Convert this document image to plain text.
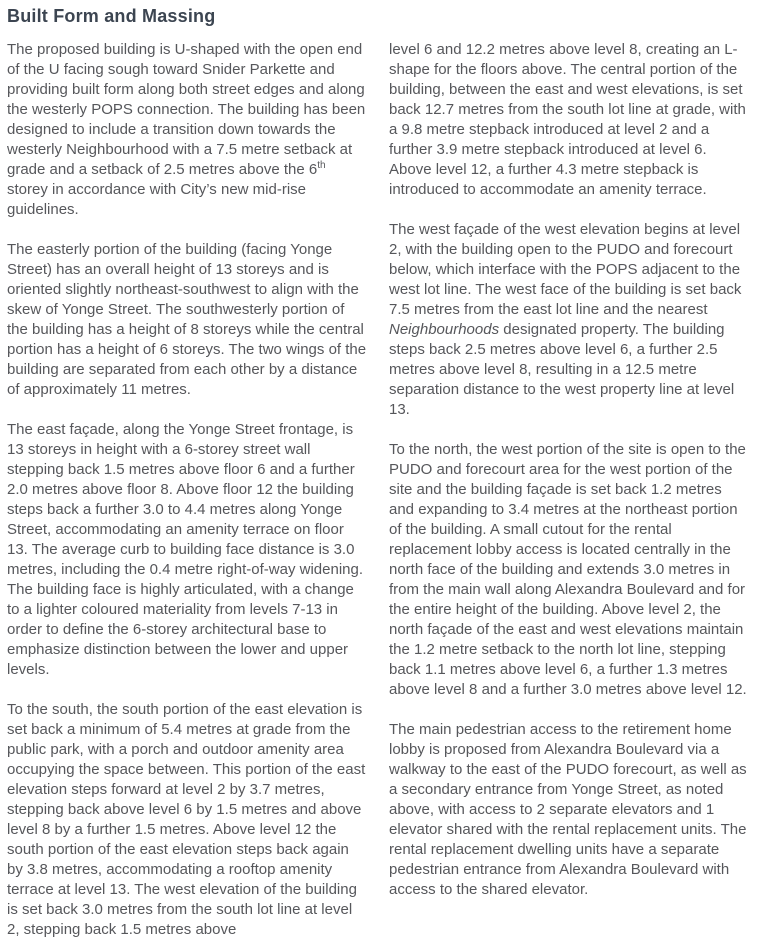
Built Form and Massing

The proposed building is U-shaped with the open end of the U facing sough toward Snider Parkette and providing built form along both street edges and along the westerly POPS connection. The building has been designed to include a transition down towards the westerly Neighbourhood with a 7.5 metre setback at grade and a setback of 2.5 metres above the 6th storey in accordance with City’s new mid-rise guidelines.

The easterly portion of the building (facing Yonge Street) has an overall height of 13 storeys and is oriented slightly northeast-southwest to align with the skew of Yonge Street. The southwesterly portion of the building has a height of 8 storeys while the central portion has a height of 6 storeys. The two wings of the building are separated from each other by a distance of approximately 11 metres.

The east façade, along the Yonge Street frontage, is 13 storeys in height with a 6-storey street wall stepping back 1.5 metres above floor 6 and a further 2.0 metres above floor 8. Above floor 12 the building steps back a further 3.0 to 4.4 metres along Yonge Street, accommodating an amenity terrace on floor 13. The average curb to building face distance is 3.0 metres, including the 0.4 metre right-of-way widening. The building face is highly articulated, with a change to a lighter coloured materiality from levels 7-13 in order to define the 6-storey architectural base to emphasize distinction between the lower and upper levels.

To the south, the south portion of the east elevation is set back a minimum of 5.4 metres at grade from the public park, with a porch and outdoor amenity area occupying the space between. This portion of the east elevation steps forward at level 2 by 3.7 metres, stepping back above level 6 by 1.5 metres and above level 8 by a further 1.5 metres. Above level 12 the south portion of the east elevation steps back again by 3.8 metres, accommodating a rooftop amenity terrace at level 13. The west elevation of the building is set back 3.0 metres from the south lot line at level 2, stepping back 1.5 metres above

level 6 and 12.2 metres above level 8, creating an L-shape for the floors above. The central portion of the building, between the east and west elevations, is set back 12.7 metres from the south lot line at grade, with a 9.8 metre stepback introduced at level 2 and a further 3.9 metre stepback introduced at level 6. Above level 12, a further 4.3 metre stepback is introduced to accommodate an amenity terrace.

The west façade of the west elevation begins at level 2, with the building open to the PUDO and forecourt below, which interface with the POPS adjacent to the west lot line. The west face of the building is set back 7.5 metres from the east lot line and the nearest Neighbourhoods designated property. The building steps back 2.5 metres above level 6, a further 2.5 metres above level 8, resulting in a 12.5 metre separation distance to the west property line at level 13.

To the north, the west portion of the site is open to the PUDO and forecourt area for the west portion of the site and the building façade is set back 1.2 metres and expanding to 3.4 metres at the northeast portion of the building. A small cutout for the rental replacement lobby access is located centrally in the north face of the building and extends 3.0 metres in from the main wall along Alexandra Boulevard and for the entire height of the building. Above level 2, the north façade of the east and west elevations maintain the 1.2 metre setback to the north lot line, stepping back 1.1 metres above level 6, a further 1.3 metres above level 8 and a further 3.0 metres above level 12.

The main pedestrian access to the retirement home lobby is proposed from Alexandra Boulevard via a walkway to the east of the PUDO forecourt, as well as a secondary entrance from Yonge Street, as noted above, with access to 2 separate elevators and 1 elevator shared with the rental replacement units. The rental replacement dwelling units have a separate pedestrian entrance from Alexandra Boulevard with access to the shared elevator.
